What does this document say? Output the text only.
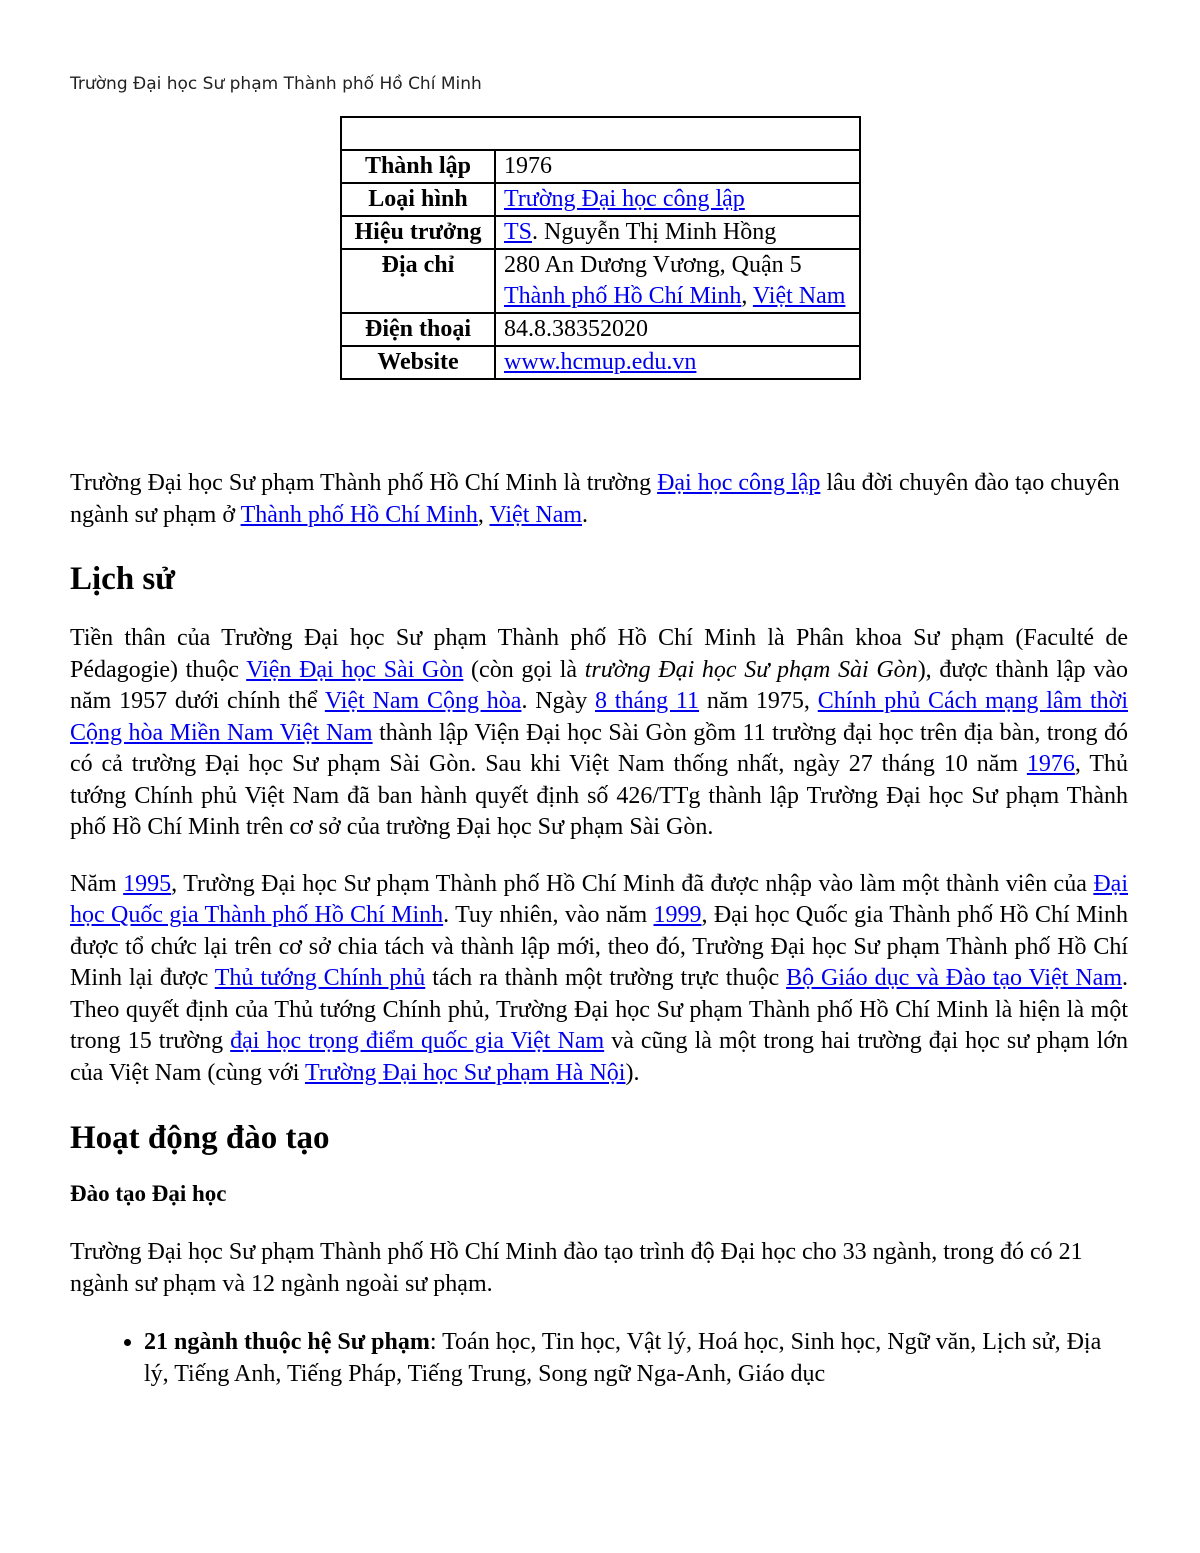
Trường Đại học Sư phạm Thành phố Hồ Chí Minh

Thành lập	1976
Loại hình	Trường Đại học công lập
Hiệu trưởng	TS. Nguyễn Thị Minh Hồng
Địa chỉ	280 An Dương Vương, Quận 5
Thành phố Hồ Chí Minh, Việt Nam
Điện thoại	84.8.38352020
Website	www.hcmup.edu.vn

Trường Đại học Sư phạm Thành phố Hồ Chí Minh là trường Đại học công lập lâu đời chuyên đào tạo chuyên ngành sư phạm ở Thành phố Hồ Chí Minh, Việt Nam.

Lịch sử

Tiền thân của Trường Đại học Sư phạm Thành phố Hồ Chí Minh là Phân khoa Sư phạm (Faculté de Pédagogie) thuộc Viện Đại học Sài Gòn (còn gọi là trường Đại học Sư phạm Sài Gòn), được thành lập vào năm 1957 dưới chính thể Việt Nam Cộng hòa. Ngày 8 tháng 11 năm 1975, Chính phủ Cách mạng lâm thời Cộng hòa Miền Nam Việt Nam thành lập Viện Đại học Sài Gòn gồm 11 trường đại học trên địa bàn, trong đó có cả trường Đại học Sư phạm Sài Gòn. Sau khi Việt Nam thống nhất, ngày 27 tháng 10 năm 1976, Thủ tướng Chính phủ Việt Nam đã ban hành quyết định số 426/TTg thành lập Trường Đại học Sư phạm Thành phố Hồ Chí Minh trên cơ sở của trường Đại học Sư phạm Sài Gòn.

Năm 1995, Trường Đại học Sư phạm Thành phố Hồ Chí Minh đã được nhập vào làm một thành viên của Đại học Quốc gia Thành phố Hồ Chí Minh. Tuy nhiên, vào năm 1999, Đại học Quốc gia Thành phố Hồ Chí Minh được tổ chức lại trên cơ sở chia tách và thành lập mới, theo đó, Trường Đại học Sư phạm Thành phố Hồ Chí Minh lại được Thủ tướng Chính phủ tách ra thành một trường trực thuộc Bộ Giáo dục và Đào tạo Việt Nam. Theo quyết định của Thủ tướng Chính phủ, Trường Đại học Sư phạm Thành phố Hồ Chí Minh là hiện là một trong 15 trường đại học trọng điểm quốc gia Việt Nam và cũng là một trong hai trường đại học sư phạm lớn của Việt Nam (cùng với Trường Đại học Sư phạm Hà Nội).

Hoạt động đào tạo
Đào tạo Đại học

Trường Đại học Sư phạm Thành phố Hồ Chí Minh đào tạo trình độ Đại học cho 33 ngành, trong đó có 21 ngành sư phạm và 12 ngành ngoài sư phạm.

• 21 ngành thuộc hệ Sư phạm: Toán học, Tin học, Vật lý, Hoá học, Sinh học, Ngữ văn, Lịch sử, Địa lý, Tiếng Anh, Tiếng Pháp, Tiếng Trung, Song ngữ Nga-Anh, Giáo dục
